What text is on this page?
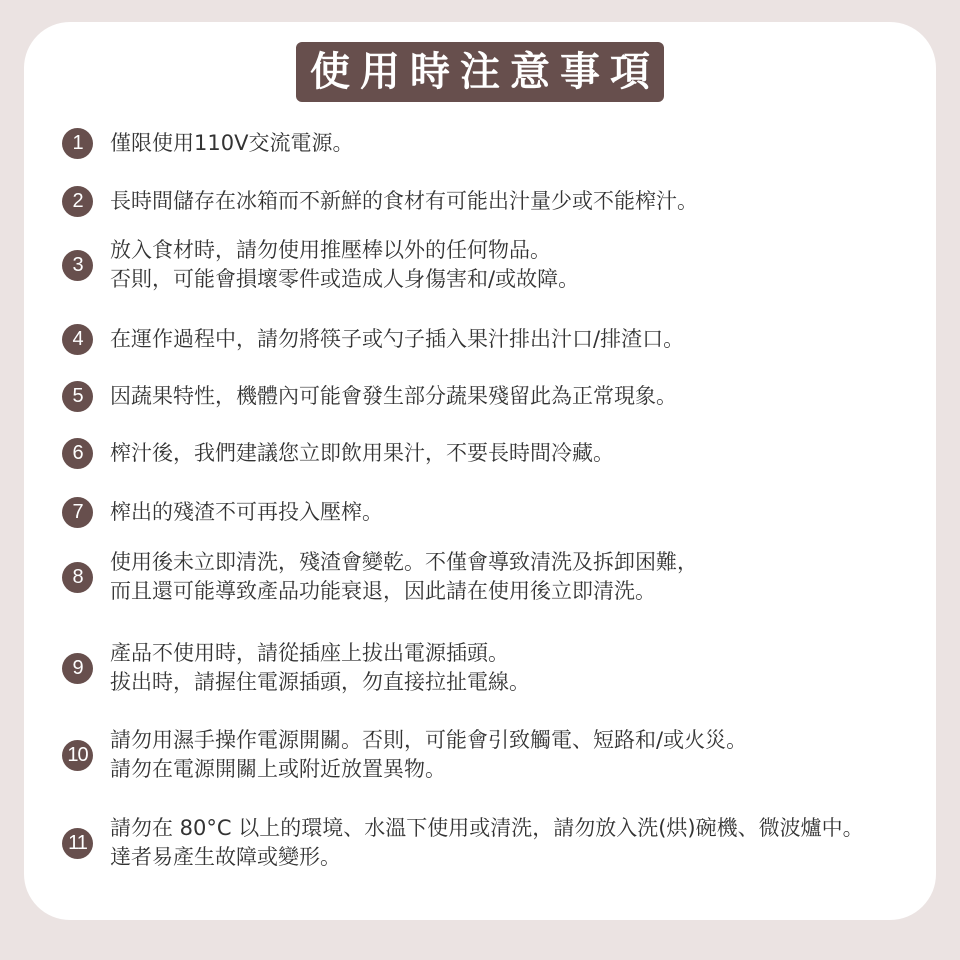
使用時注意事項
1	僅限使用110V交流電源。
2	長時間儲存在冰箱而不新鮮的食材有可能出汁量少或不能榨汁。
3
放入食材時，請勿使用推壓棒以外的任何物品。
否則，可能會損壞零件或造成人身傷害和/或故障。
4	在運作過程中，請勿將筷子或勺子插入果汁排出汁口/排渣口。
5	因蔬果特性，機體內可能會發生部分蔬果殘留此為正常現象。
6	榨汁後，我們建議您立即飲用果汁，不要長時間冷藏。
7	榨出的殘渣不可再投入壓榨。
8
使用後未立即清洗，殘渣會變乾。不僅會導致清洗及拆卸困難，
而且還可能導致產品功能衰退，因此請在使用後立即清洗。
9
產品不使用時，請從插座上拔出電源插頭。
拔出時，請握住電源插頭，勿直接拉扯電線。
10
請勿用濕手操作電源開關。否則，可能會引致觸電、短路和/或火災。
請勿在電源開關上或附近放置異物。
11
請勿在 80°C 以上的環境、水溫下使用或清洗，請勿放入洗(烘)碗機、微波爐中。
達者易產生故障或變形。
